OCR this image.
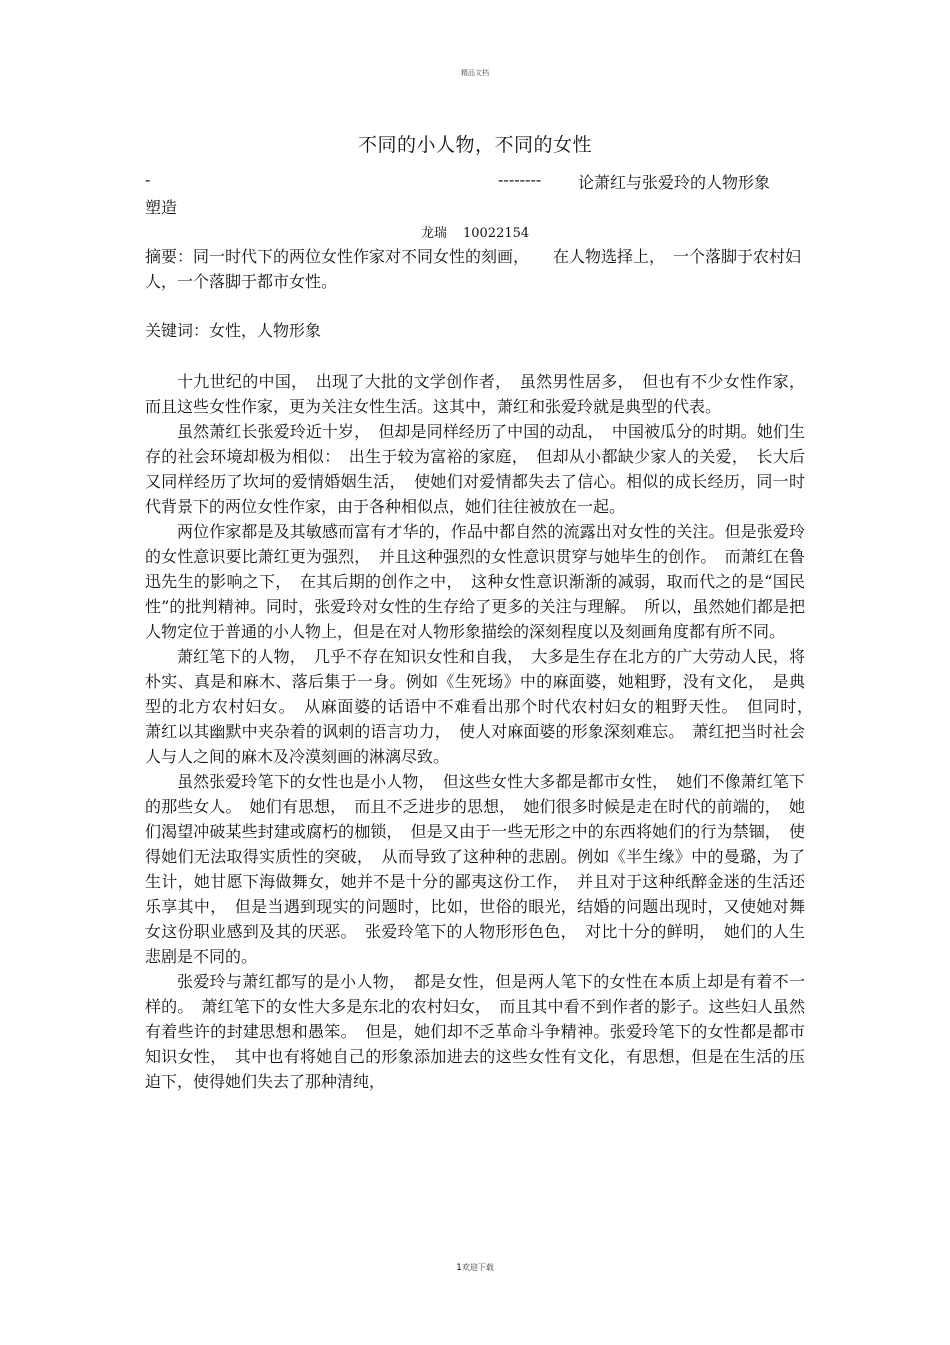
精品文档
不同的小人物，不同的女性
-	-------- 论萧红与张爱玲的人物形象
塑造
龙瑞 10022154
摘要：同一时代下的两位女性作家对不同女性的刻画，　　在人物选择上，　一个落脚于农村妇人，一个落脚于都市女性。
关键词：女性，人物形象

十九世纪的中国，　出现了大批的文学创作者，　虽然男性居多，　但也有不少女性作家，而且这些女性作家，更为关注女性生活。这其中，萧红和张爱玲就是典型的代表。

虽然萧红长张爱玲近十岁，　但却是同样经历了中国的动乱，　中国被瓜分的时期。她们生存的社会环境却极为相似：　出生于较为富裕的家庭，　但却从小都缺少家人的关爱，　长大后又同样经历了坎坷的爱情婚姻生活，　使她们对爱情都失去了信心。相似的成长经历，同一时代背景下的两位女性作家，由于各种相似点，她们往往被放在一起。

两位作家都是及其敏感而富有才华的，作品中都自然的流露出对女性的关注。但是张爱玲的女性意识要比萧红更为强烈，　并且这种强烈的女性意识贯穿与她毕生的创作。　而萧红在鲁迅先生的影响之下，　在其后期的创作之中，　这种女性意识渐渐的减弱，取而代之的是“国民性”的批判精神。同时，张爱玲对女性的生存给了更多的关注与理解。　所以，虽然她们都是把人物定位于普通的小人物上，但是在对人物形象描绘的深刻程度以及刻画角度都有所不同。

萧红笔下的人物，　几乎不存在知识女性和自我，　大多是生存在北方的广大劳动人民，将朴实、真是和麻木、落后集于一身。例如《生死场》中的麻面婆，她粗野，没有文化，　是典型的北方农村妇女。　从麻面婆的话语中不难看出那个时代农村妇女的粗野天性。　但同时，　萧红以其幽默中夹杂着的讽刺的语言功力，　使人对麻面婆的形象深刻难忘。　萧红把当时社会人与人之间的麻木及冷漠刻画的淋漓尽致。

虽然张爱玲笔下的女性也是小人物，　但这些女性大多都是都市女性，　她们不像萧红笔下的那些女人。　她们有思想，　而且不乏进步的思想，　她们很多时候是走在时代的前端的，　她们渴望冲破某些封建或腐朽的枷锁，　但是又由于一些无形之中的东西将她们的行为禁锢，　使得她们无法取得实质性的突破，　从而导致了这种种的悲剧。例如《半生缘》中的曼璐，为了生计，她甘愿下海做舞女，她并不是十分的鄙夷这份工作，　并且对于这种纸醉金迷的生活还乐享其中，　但是当遇到现实的问题时，比如，世俗的眼光，结婚的问题出现时，又使她对舞女这份职业感到及其的厌恶。　张爱玲笔下的人物形形色色，　对比十分的鲜明，　她们的人生悲剧是不同的。

张爱玲与萧红都写的是小人物，　都是女性，但是两人笔下的女性在本质上却是有着不一样的。　萧红笔下的女性大多是东北的农村妇女，　而且其中看不到作者的影子。这些妇人虽然有着些许的封建思想和愚笨。　但是，她们却不乏革命斗争精神。张爱玲笔下的女性都是都市知识女性，　其中也有将她自己的形象添加进去的这些女性有文化，有思想，但是在生活的压迫下，使得她们失去了那种清纯，

1欢迎下载
